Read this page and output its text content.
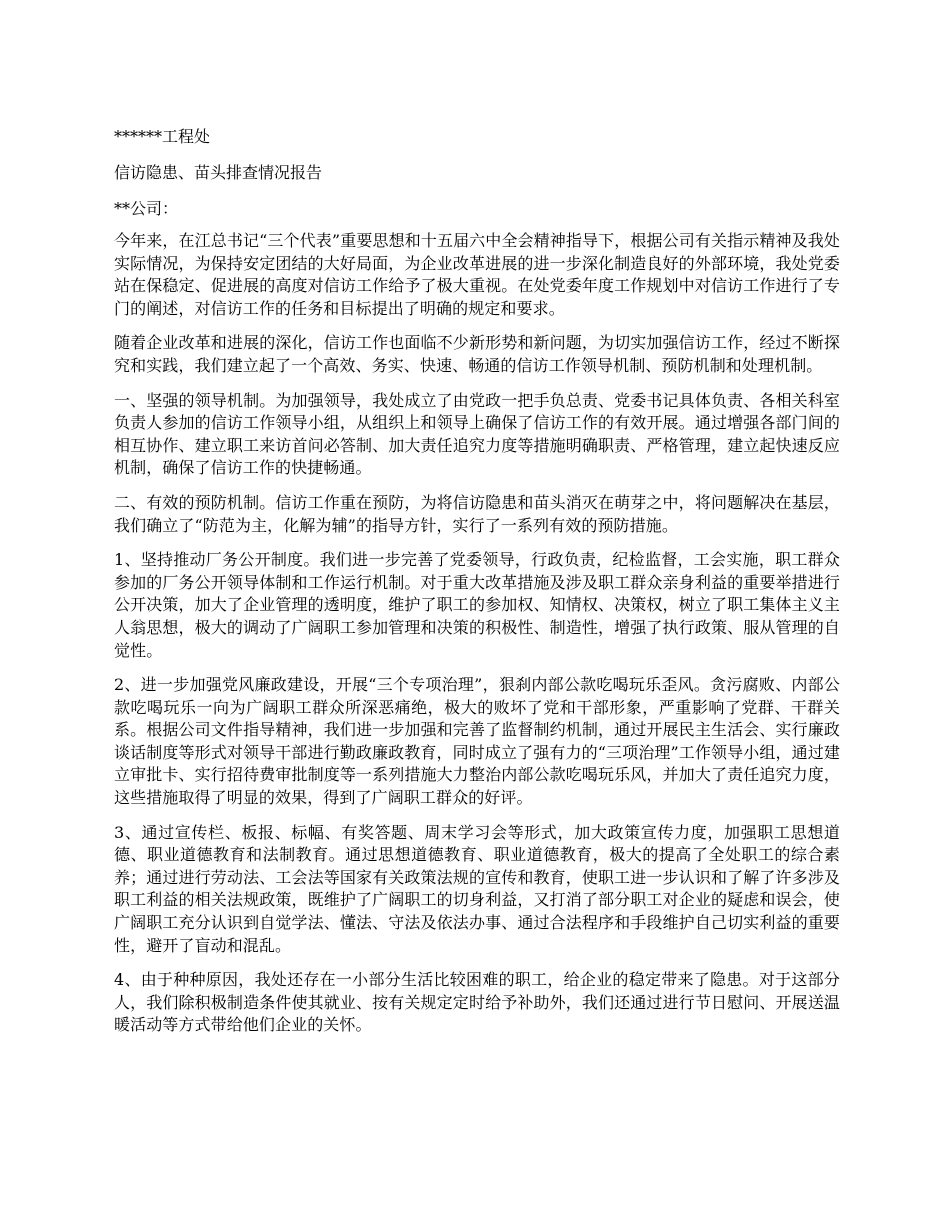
******工程处
信访隐患、苗头排查情况报告
**公司：

今年来，在江总书记“三个代表”重要思想和十五届六中全会精神指导下，根据公司有关指示精神及我处实际情况，为保持安定团结的大好局面，为企业改革进展的进一步深化制造良好的外部环境，我处党委站在保稳定、促进展的高度对信访工作给予了极大重视。在处党委年度工作规划中对信访工作进行了专门的阐述，对信访工作的任务和目标提出了明确的规定和要求。

随着企业改革和进展的深化，信访工作也面临不少新形势和新问题，为切实加强信访工作，经过不断探究和实践，我们建立起了一个高效、务实、快速、畅通的信访工作领导机制、预防机制和处理机制。

一、坚强的领导机制。为加强领导，我处成立了由党政一把手负总责、党委书记具体负责、各相关科室负责人参加的信访工作领导小组，从组织上和领导上确保了信访工作的有效开展。通过增强各部门间的相互协作、建立职工来访首问必答制、加大责任追究力度等措施明确职责、严格管理，建立起快速反应机制，确保了信访工作的快捷畅通。

二、有效的预防机制。信访工作重在预防，为将信访隐患和苗头消灭在萌芽之中，将问题解决在基层，我们确立了“防范为主，化解为辅”的指导方针，实行了一系列有效的预防措施。

1、坚持推动厂务公开制度。我们进一步完善了党委领导，行政负责，纪检监督，工会实施，职工群众参加的厂务公开领导体制和工作运行机制。对于重大改革措施及涉及职工群众亲身利益的重要举措进行公开决策，加大了企业管理的透明度，维护了职工的参加权、知情权、决策权，树立了职工集体主义主人翁思想，极大的调动了广阔职工参加管理和决策的积极性、制造性，增强了执行政策、服从管理的自觉性。

2、进一步加强党风廉政建设，开展“三个专项治理”，狠刹内部公款吃喝玩乐歪风。贪污腐败、内部公款吃喝玩乐一向为广阔职工群众所深恶痛绝，极大的败坏了党和干部形象，严重影响了党群、干群关系。根据公司文件指导精神，我们进一步加强和完善了监督制约机制，通过开展民主生活会、实行廉政谈话制度等形式对领导干部进行勤政廉政教育，同时成立了强有力的“三项治理”工作领导小组，通过建立审批卡、实行招待费审批制度等一系列措施大力整治内部公款吃喝玩乐风，并加大了责任追究力度，这些措施取得了明显的效果，得到了广阔职工群众的好评。

3、通过宣传栏、板报、标幅、有奖答题、周末学习会等形式，加大政策宣传力度，加强职工思想道德、职业道德教育和法制教育。通过思想道德教育、职业道德教育，极大的提高了全处职工的综合素养；通过进行劳动法、工会法等国家有关政策法规的宣传和教育，使职工进一步认识和了解了许多涉及职工利益的相关法规政策，既维护了广阔职工的切身利益，又打消了部分职工对企业的疑虑和误会，使广阔职工充分认识到自觉学法、懂法、守法及依法办事、通过合法程序和手段维护自己切实利益的重要性，避开了盲动和混乱。

4、由于种种原因，我处还存在一小部分生活比较困难的职工，给企业的稳定带来了隐患。对于这部分人，我们除积极制造条件使其就业、按有关规定定时给予补助外，我们还通过进行节日慰问、开展送温暖活动等方式带给他们企业的关怀。
